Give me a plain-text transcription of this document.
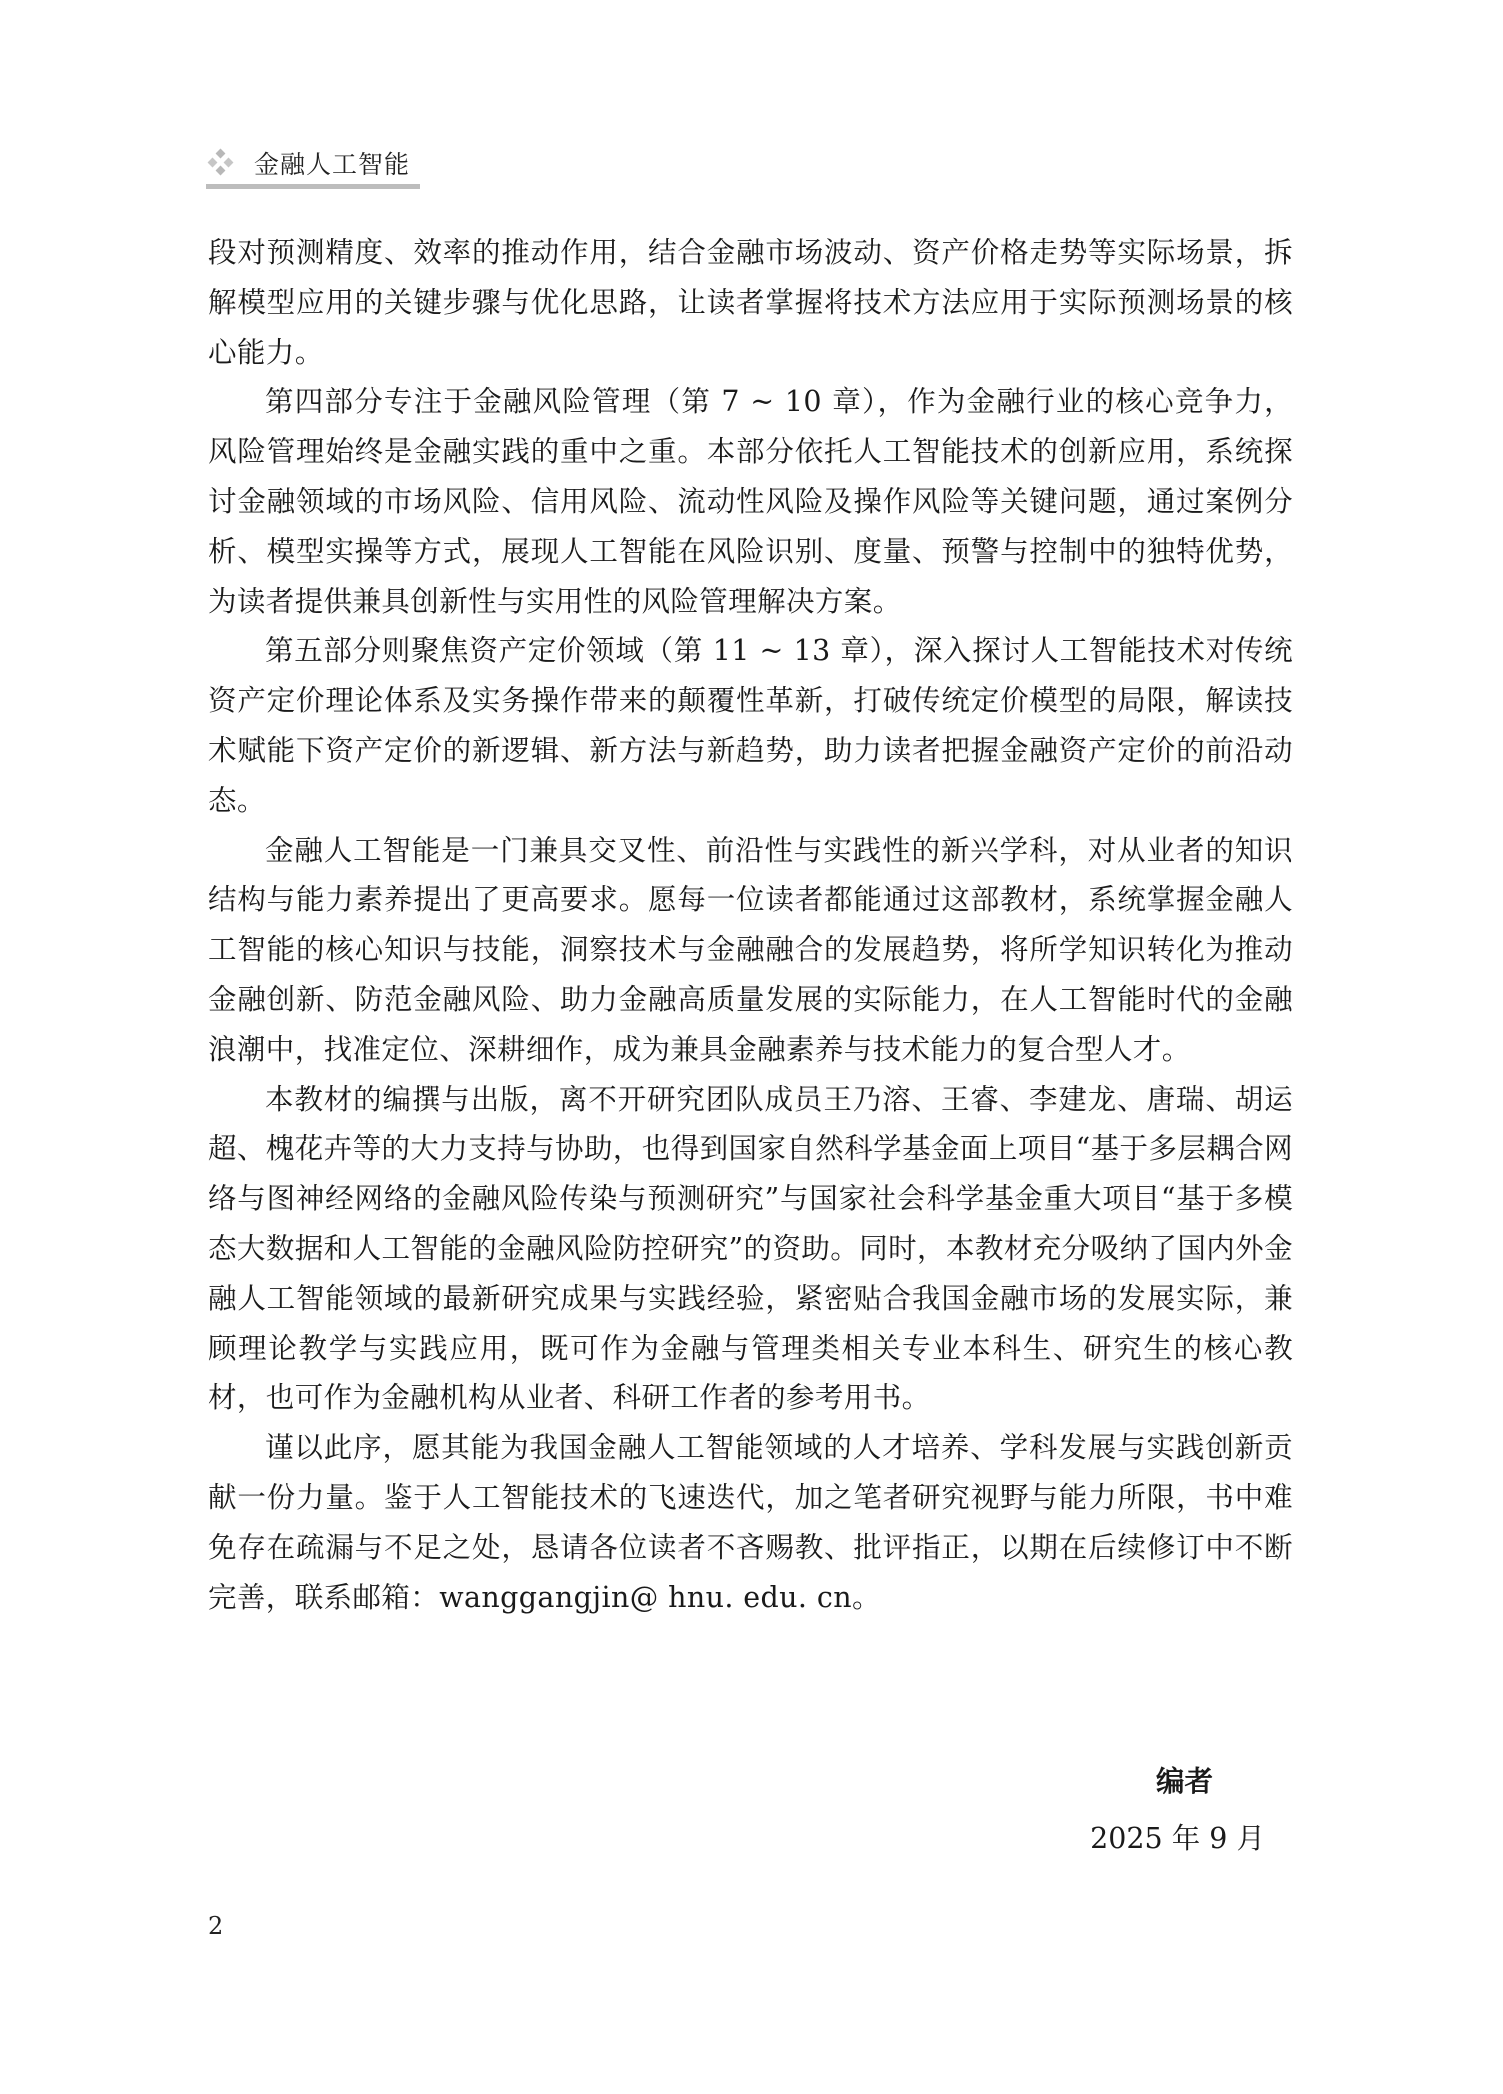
金融人工智能

段对预测精度、效率的推动作用，结合金融市场波动、资产价格走势等实际场景，拆解模型应用的关键步骤与优化思路，让读者掌握将技术方法应用于实际预测场景的核心能力。

第四部分专注于金融风险管理（第 7 ~ 10 章），作为金融行业的核心竞争力，风险管理始终是金融实践的重中之重。本部分依托人工智能技术的创新应用，系统探讨金融领域的市场风险、信用风险、流动性风险及操作风险等关键问题，通过案例分析、模型实操等方式，展现人工智能在风险识别、度量、预警与控制中的独特优势，为读者提供兼具创新性与实用性的风险管理解决方案。

第五部分则聚焦资产定价领域（第 11 ~ 13 章），深入探讨人工智能技术对传统资产定价理论体系及实务操作带来的颠覆性革新，打破传统定价模型的局限，解读技术赋能下资产定价的新逻辑、新方法与新趋势，助力读者把握金融资产定价的前沿动态。

金融人工智能是一门兼具交叉性、前沿性与实践性的新兴学科，对从业者的知识结构与能力素养提出了更高要求。愿每一位读者都能通过这部教材，系统掌握金融人工智能的核心知识与技能，洞察技术与金融融合的发展趋势，将所学知识转化为推动金融创新、防范金融风险、助力金融高质量发展的实际能力，在人工智能时代的金融浪潮中，找准定位、深耕细作，成为兼具金融素养与技术能力的复合型人才。

本教材的编撰与出版，离不开研究团队成员王乃溶、王睿、李建龙、唐瑞、胡运超、槐花卉等的大力支持与协助，也得到国家自然科学基金面上项目“基于多层耦合网络与图神经网络的金融风险传染与预测研究”与国家社会科学基金重大项目“基于多模态大数据和人工智能的金融风险防控研究”的资助。同时，本教材充分吸纳了国内外金融人工智能领域的最新研究成果与实践经验，紧密贴合我国金融市场的发展实际，兼顾理论教学与实践应用，既可作为金融与管理类相关专业本科生、研究生的核心教材，也可作为金融机构从业者、科研工作者的参考用书。

谨以此序，愿其能为我国金融人工智能领域的人才培养、学科发展与实践创新贡献一份力量。鉴于人工智能技术的飞速迭代，加之笔者研究视野与能力所限，书中难免存在疏漏与不足之处，恳请各位读者不吝赐教、批评指正，以期在后续修订中不断完善，联系邮箱：wanggangjin@ hnu. edu. cn。

编者
2025 年 9 月
2
